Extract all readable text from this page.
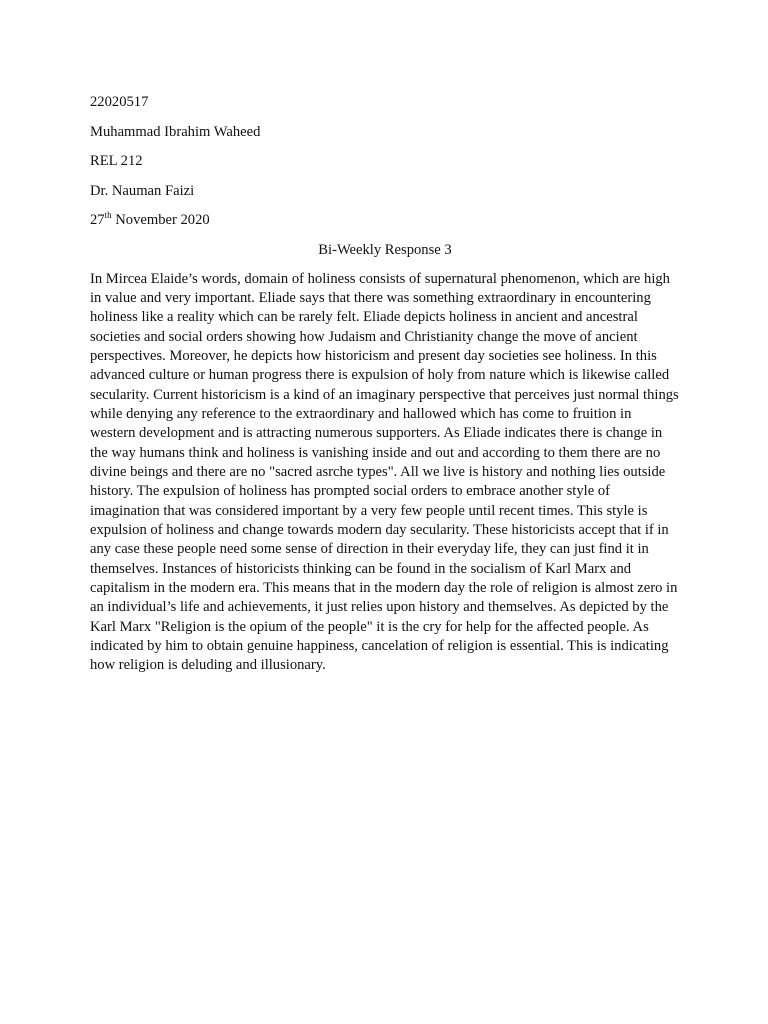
22020517

Muhammad Ibrahim Waheed

REL 212

Dr. Nauman Faizi

27th November 2020

Bi-Weekly Response 3

In Mircea Elaide’s words, domain of holiness consists of supernatural phenomenon, which are high in value and very important. Eliade says that there was something extraordinary in encountering holiness like a reality which can be rarely felt. Eliade depicts holiness in ancient and ancestral societies and social orders showing how Judaism and Christianity change the move of ancient perspectives. Moreover, he depicts how historicism and present day societies see holiness. In this advanced culture or human progress there is expulsion of holy from nature which is likewise called secularity. Current historicism is a kind of an imaginary perspective that perceives just normal things while denying any reference to the extraordinary and hallowed which has come to fruition in western development and is attracting numerous supporters. As Eliade indicates there is change in the way humans think and holiness is vanishing inside and out and according to them there are no divine beings and there are no "sacred asrche types". All we live is history and nothing lies outside history. The expulsion of holiness has prompted social orders to embrace another style of imagination that was considered important by a very few people until recent times. This style is expulsion of holiness and change towards modern day secularity. These historicists accept that if in any case these people need some sense of direction in their everyday life, they can just find it in themselves. Instances of historicists thinking can be found in the socialism of Karl Marx and capitalism in the modern era. This means that in the modern day the role of religion is almost zero in an individual’s life and achievements, it just relies upon history and themselves. As depicted by the Karl Marx "Religion is the opium of the people" it is the cry for help for the affected people. As indicated by him to obtain genuine happiness, cancelation of religion is essential. This is indicating how religion is deluding and illusionary.
